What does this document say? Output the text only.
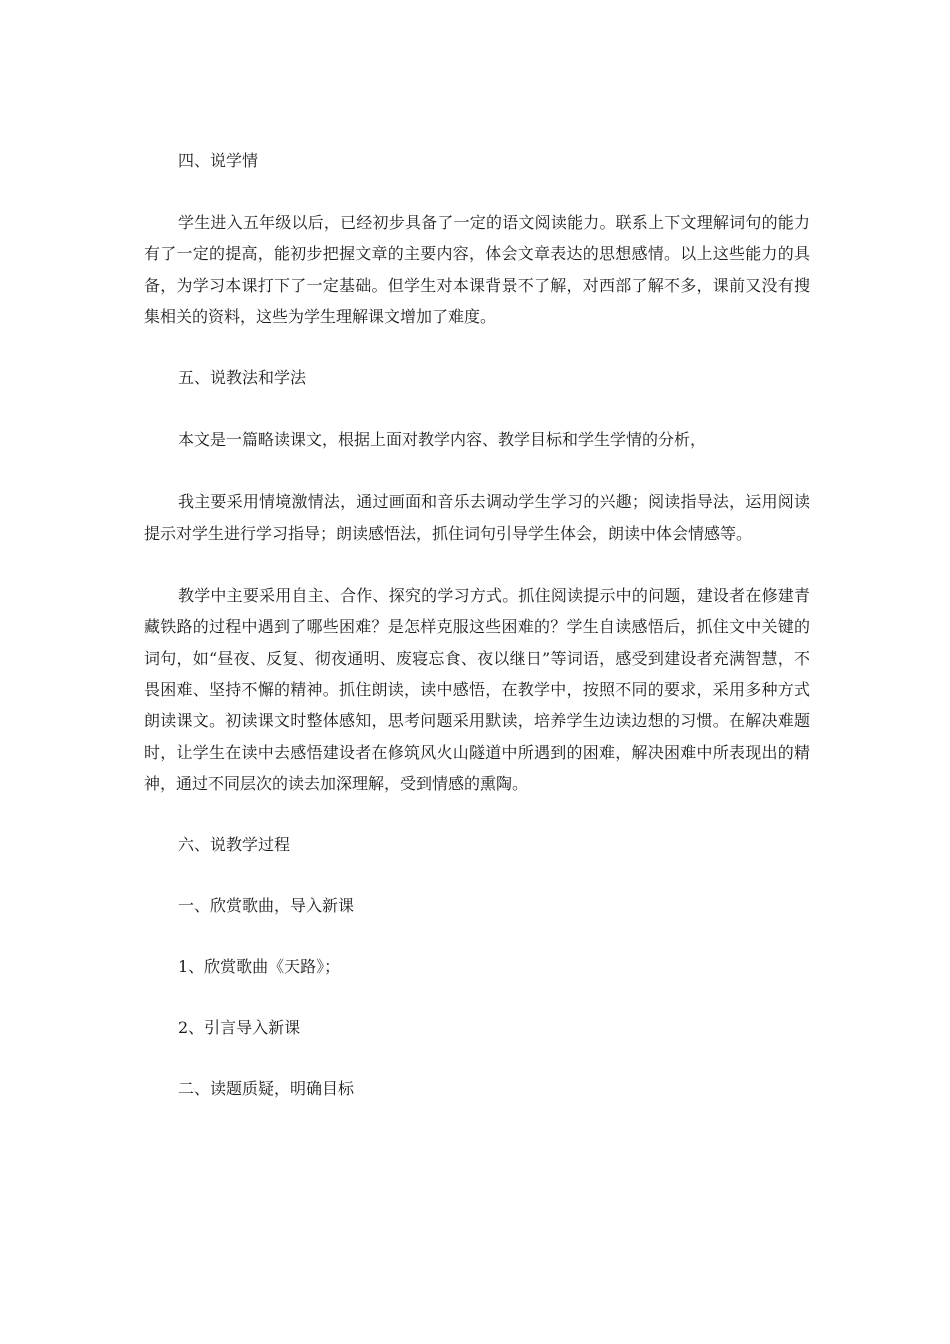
四、说学情

学生进入五年级以后，已经初步具备了一定的语文阅读能力。联系上下文理解词句的能力有了一定的提高，能初步把握文章的主要内容，体会文章表达的思想感情。以上这些能力的具备，为学习本课打下了一定基础。但学生对本课背景不了解，对西部了解不多，课前又没有搜集相关的资料，这些为学生理解课文增加了难度。

五、说教法和学法

本文是一篇略读课文，根据上面对教学内容、教学目标和学生学情的分析，

我主要采用情境激情法，通过画面和音乐去调动学生学习的兴趣；阅读指导法，运用阅读提示对学生进行学习指导；朗读感悟法，抓住词句引导学生体会，朗读中体会情感等。

教学中主要采用自主、合作、探究的学习方式。抓住阅读提示中的问题，建设者在修建青藏铁路的过程中遇到了哪些困难？是怎样克服这些困难的？学生自读感悟后，抓住文中关键的词句，如“昼夜、反复、彻夜通明、废寝忘食、夜以继日”等词语，感受到建设者充满智慧，不畏困难、坚持不懈的精神。抓住朗读，读中感悟，在教学中，按照不同的要求，采用多种方式朗读课文。初读课文时整体感知，思考问题采用默读，培养学生边读边想的习惯。在解决难题时，让学生在读中去感悟建设者在修筑风火山隧道中所遇到的困难，解决困难中所表现出的精神，通过不同层次的读去加深理解，受到情感的熏陶。

六、说教学过程
一、欣赏歌曲，导入新课
1、欣赏歌曲《天路》；
2、引言导入新课
二、读题质疑，明确目标
